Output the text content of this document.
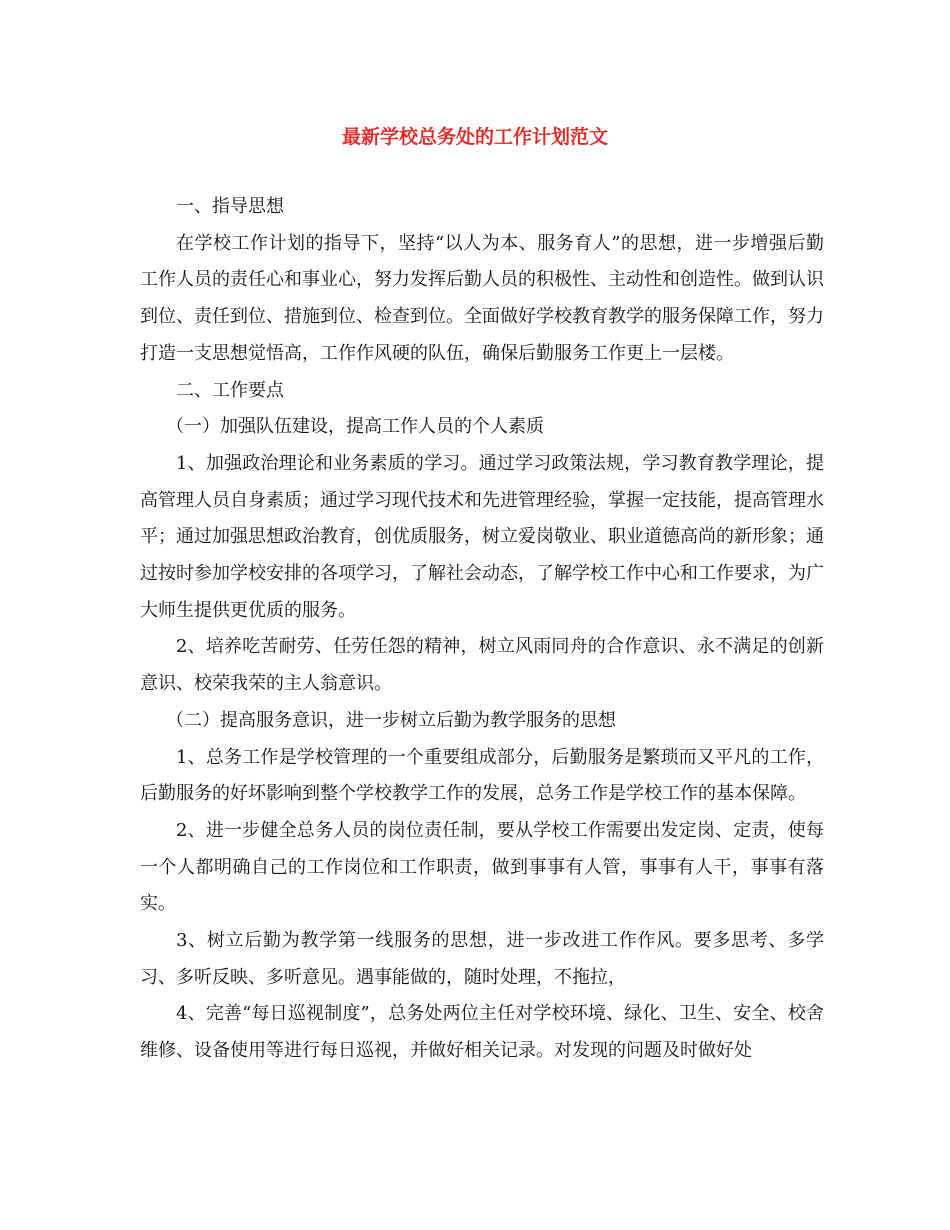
最新学校总务处的工作计划范文

一、指导思想

在学校工作计划的指导下，坚持“以人为本、服务育人”的思想，进一步增强后勤工作人员的责任心和事业心，努力发挥后勤人员的积极性、主动性和创造性。做到认识到位、责任到位、措施到位、检查到位。全面做好学校教育教学的服务保障工作，努力打造一支思想觉悟高，工作作风硬的队伍，确保后勤服务工作更上一层楼。

二、工作要点

（一）加强队伍建设，提高工作人员的个人素质

1、加强政治理论和业务素质的学习。通过学习政策法规，学习教育教学理论，提高管理人员自身素质；通过学习现代技术和先进管理经验，掌握一定技能，提高管理水平；通过加强思想政治教育，创优质服务，树立爱岗敬业、职业道德高尚的新形象；通过按时参加学校安排的各项学习，了解社会动态，了解学校工作中心和工作要求，为广大师生提供更优质的服务。

2、培养吃苦耐劳、任劳任怨的精神，树立风雨同舟的合作意识、永不满足的创新意识、校荣我荣的主人翁意识。

（二）提高服务意识，进一步树立后勤为教学服务的思想

1、总务工作是学校管理的一个重要组成部分，后勤服务是繁琐而又平凡的工作，后勤服务的好坏影响到整个学校教学工作的发展，总务工作是学校工作的基本保障。

2、进一步健全总务人员的岗位责任制，要从学校工作需要出发定岗、定责，使每一个人都明确自己的工作岗位和工作职责，做到事事有人管，事事有人干，事事有落实。

3、树立后勤为教学第一线服务的思想，进一步改进工作作风。要多思考、多学习、多听反映、多听意见。遇事能做的，随时处理，不拖拉，

4、完善“每日巡视制度”，总务处两位主任对学校环境、绿化、卫生、安全、校舍维修、设备使用等进行每日巡视，并做好相关记录。对发现的问题及时做好处
